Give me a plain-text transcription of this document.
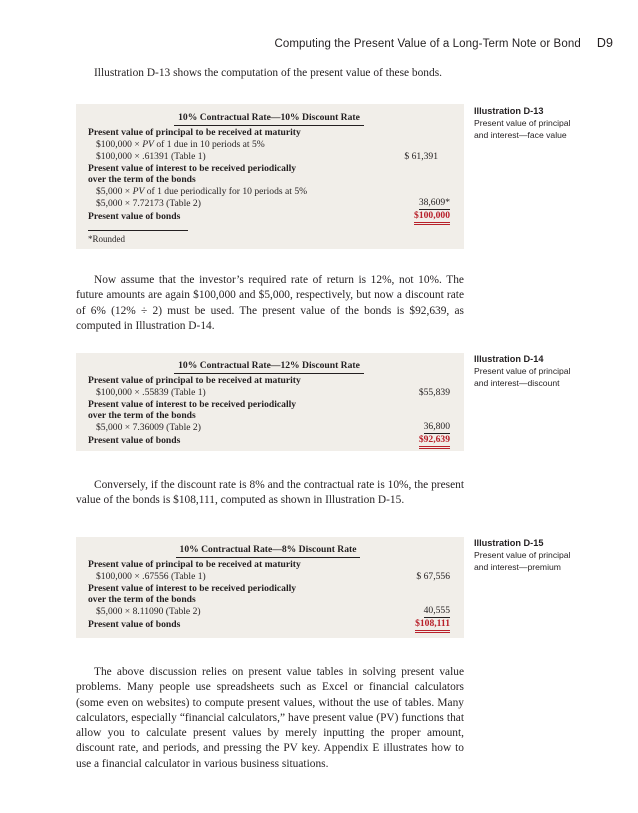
Computing the Present Value of a Long-Term Note or Bond D9

Illustration D-13 shows the computation of the present value of these bonds.

10% Contractual Rate—10% Discount Rate
Present value of principal to be received at maturity
$100,000 × PV of 1 due in 10 periods at 5%
$100,000 × .61391 (Table 1)	$ 61,391
Present value of interest to be received periodically
over the term of the bonds
$5,000 × PV of 1 due periodically for 10 periods at 5%
$5,000 × 7.72173 (Table 2)	38,609*
Present value of bonds	$100,000
*Rounded
Illustration D-13
Present value of principal
and interest—face value

Now assume that the investor’s required rate of return is 12%, not 10%. The future amounts are again $100,000 and $5,000, respectively, but now a discount rate of 6% (12% ÷ 2) must be used. The present value of the bonds is $92,639, as computed in Illustration D-14.

10% Contractual Rate—12% Discount Rate
Present value of principal to be received at maturity
$100,000 × .55839 (Table 1)	$55,839
Present value of interest to be received periodically
over the term of the bonds
$5,000 × 7.36009 (Table 2)	36,800
Present value of bonds	$92,639
Illustration D-14
Present value of principal
and interest—discount

Conversely, if the discount rate is 8% and the contractual rate is 10%, the present value of the bonds is $108,111, computed as shown in Illustration D-15.

10% Contractual Rate—8% Discount Rate
Present value of principal to be received at maturity
$100,000 × .67556 (Table 1)	$ 67,556
Present value of interest to be received periodically
over the term of the bonds
$5,000 × 8.11090 (Table 2)	40,555
Present value of bonds	$108,111
Illustration D-15
Present value of principal
and interest—premium

The above discussion relies on present value tables in solving present value problems. Many people use spreadsheets such as Excel or financial calculators (some even on websites) to compute present values, without the use of tables. Many calculators, especially “financial calculators,” have present value (PV) functions that allow you to calculate present values by merely inputting the proper amount, discount rate, and periods, and pressing the PV key. Appendix E illustrates how to use a financial calculator in various business situations.
